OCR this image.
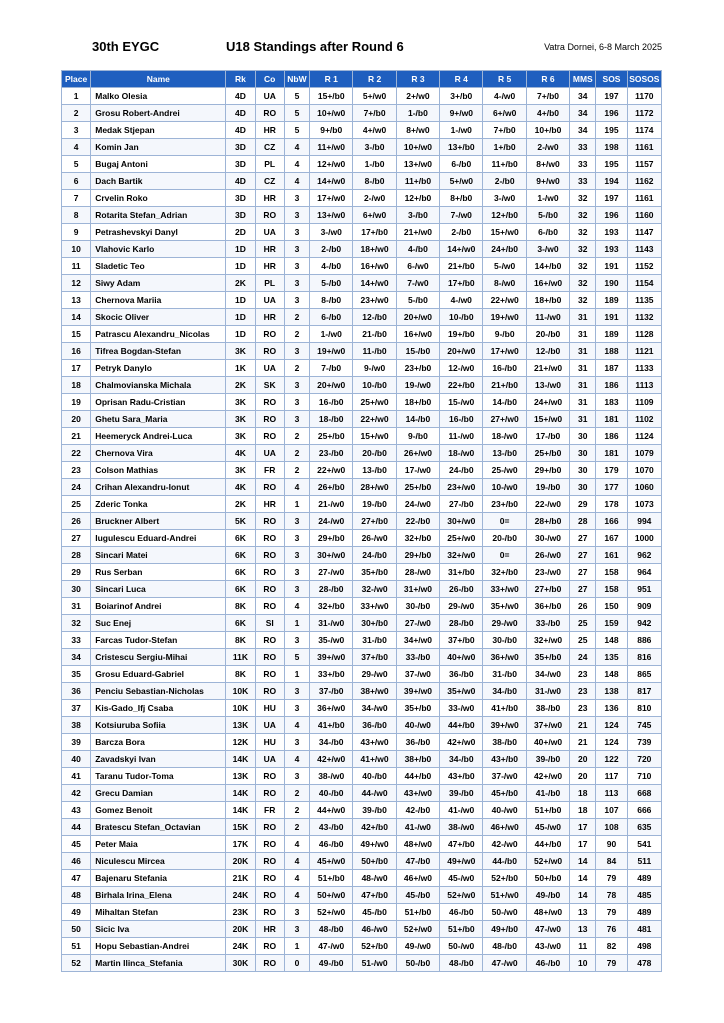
30th EYGC	U18 Standings after Round 6	Vatra Dornei, 6-8 March 2025
Place	Name	Rk	Co	NbW	R 1	R 2	R 3	R 4	R 5	R 6	MMS	SOS	SOSOS
1	Malko Olesia	4D	UA	5	15+/b0	5+/w0	2+/w0	3+/b0	4-/w0	7+/b0	34	197	1170
2	Grosu Robert-Andrei	4D	RO	5	10+/w0	7+/b0	1-/b0	9+/w0	6+/w0	4+/b0	34	196	1172
3	Medak Stjepan	4D	HR	5	9+/b0	4+/w0	8+/w0	1-/w0	7+/b0	10+/b0	34	195	1174
4	Komin Jan	3D	CZ	4	11+/w0	3-/b0	10+/w0	13+/b0	1+/b0	2-/w0	33	198	1161
5	Bugaj Antoni	3D	PL	4	12+/w0	1-/b0	13+/w0	6-/b0	11+/b0	8+/w0	33	195	1157
6	Dach Bartik	4D	CZ	4	14+/w0	8-/b0	11+/b0	5+/w0	2-/b0	9+/w0	33	194	1162
7	Crvelin Roko	3D	HR	3	17+/w0	2-/w0	12+/b0	8+/b0	3-/w0	1-/w0	32	197	1161
8	Rotarita Stefan_Adrian	3D	RO	3	13+/w0	6+/w0	3-/b0	7-/w0	12+/b0	5-/b0	32	196	1160
9	Petrashevskyi Danyl	2D	UA	3	3-/w0	17+/b0	21+/w0	2-/b0	15+/w0	6-/b0	32	193	1147
10	Vlahovic Karlo	1D	HR	3	2-/b0	18+/w0	4-/b0	14+/w0	24+/b0	3-/w0	32	193	1143
11	Sladetic Teo	1D	HR	3	4-/b0	16+/w0	6-/w0	21+/b0	5-/w0	14+/b0	32	191	1152
12	Siwy Adam	2K	PL	3	5-/b0	14+/w0	7-/w0	17+/b0	8-/w0	16+/w0	32	190	1154
13	Chernova Mariia	1D	UA	3	8-/b0	23+/w0	5-/b0	4-/w0	22+/w0	18+/b0	32	189	1135
14	Skocic Oliver	1D	HR	2	6-/b0	12-/b0	20+/w0	10-/b0	19+/w0	11-/w0	31	191	1132
15	Patrascu Alexandru_Nicolas	1D	RO	2	1-/w0	21-/b0	16+/w0	19+/b0	9-/b0	20-/b0	31	189	1128
16	Tifrea Bogdan-Stefan	3K	RO	3	19+/w0	11-/b0	15-/b0	20+/w0	17+/w0	12-/b0	31	188	1121
17	Petryk Danylo	1K	UA	2	7-/b0	9-/w0	23+/b0	12-/w0	16-/b0	21+/w0	31	187	1133
18	Chalmovianska Michala	2K	SK	3	20+/w0	10-/b0	19-/w0	22+/b0	21+/b0	13-/w0	31	186	1113
19	Oprisan Radu-Cristian	3K	RO	3	16-/b0	25+/w0	18+/b0	15-/w0	14-/b0	24+/w0	31	183	1109
20	Ghetu Sara_Maria	3K	RO	3	18-/b0	22+/w0	14-/b0	16-/b0	27+/w0	15+/w0	31	181	1102
21	Heemeryck Andrei-Luca	3K	RO	2	25+/b0	15+/w0	9-/b0	11-/w0	18-/w0	17-/b0	30	186	1124
22	Chernova Vira	4K	UA	2	23-/b0	20-/b0	26+/w0	18-/w0	13-/b0	25+/b0	30	181	1079
23	Colson Mathias	3K	FR	2	22+/w0	13-/b0	17-/w0	24-/b0	25-/w0	29+/b0	30	179	1070
24	Crihan Alexandru-Ionut	4K	RO	4	26+/b0	28+/w0	25+/b0	23+/w0	10-/w0	19-/b0	30	177	1060
25	Zderic Tonka	2K	HR	1	21-/w0	19-/b0	24-/w0	27-/b0	23+/b0	22-/w0	29	178	1073
26	Bruckner Albert	5K	RO	3	24-/w0	27+/b0	22-/b0	30+/w0	0=	28+/b0	28	166	994
27	Iugulescu Eduard-Andrei	6K	RO	3	29+/b0	26-/w0	32+/b0	25+/w0	20-/b0	30-/w0	27	167	1000
28	Sincari Matei	6K	RO	3	30+/w0	24-/b0	29+/b0	32+/w0	0=	26-/w0	27	161	962
29	Rus Serban	6K	RO	3	27-/w0	35+/b0	28-/w0	31+/b0	32+/b0	23-/w0	27	158	964
30	Sincari Luca	6K	RO	3	28-/b0	32-/w0	31+/w0	26-/b0	33+/w0	27+/b0	27	158	951
31	Boiarinof Andrei	8K	RO	4	32+/b0	33+/w0	30-/b0	29-/w0	35+/w0	36+/b0	26	150	909
32	Suc Enej	6K	SI	1	31-/w0	30+/b0	27-/w0	28-/b0	29-/w0	33-/b0	25	159	942
33	Farcas Tudor-Stefan	8K	RO	3	35-/w0	31-/b0	34+/w0	37+/b0	30-/b0	32+/w0	25	148	886
34	Cristescu Sergiu-Mihai	11K	RO	5	39+/w0	37+/b0	33-/b0	40+/w0	36+/w0	35+/b0	24	135	816
35	Grosu Eduard-Gabriel	8K	RO	1	33+/b0	29-/w0	37-/w0	36-/b0	31-/b0	34-/w0	23	148	865
36	Penciu Sebastian-Nicholas	10K	RO	3	37-/b0	38+/w0	39+/w0	35+/w0	34-/b0	31-/w0	23	138	817
37	Kis-Gado_Ifj Csaba	10K	HU	3	36+/w0	34-/w0	35+/b0	33-/w0	41+/b0	38-/b0	23	136	810
38	Kotsiuruba Sofiia	13K	UA	4	41+/b0	36-/b0	40-/w0	44+/b0	39+/w0	37+/w0	21	124	745
39	Barcza Bora	12K	HU	3	34-/b0	43+/w0	36-/b0	42+/w0	38-/b0	40+/w0	21	124	739
40	Zavadskyi Ivan	14K	UA	4	42+/w0	41+/w0	38+/b0	34-/b0	43+/b0	39-/b0	20	122	720
41	Taranu Tudor-Toma	13K	RO	3	38-/w0	40-/b0	44+/b0	43+/b0	37-/w0	42+/w0	20	117	710
42	Grecu Damian	14K	RO	2	40-/b0	44-/w0	43+/w0	39-/b0	45+/b0	41-/b0	18	113	668
43	Gomez Benoit	14K	FR	2	44+/w0	39-/b0	42-/b0	41-/w0	40-/w0	51+/b0	18	107	666
44	Bratescu Stefan_Octavian	15K	RO	2	43-/b0	42+/b0	41-/w0	38-/w0	46+/w0	45-/w0	17	108	635
45	Peter Maia	17K	RO	4	46-/b0	49+/w0	48+/w0	47+/b0	42-/w0	44+/b0	17	90	541
46	Niculescu Mircea	20K	RO	4	45+/w0	50+/b0	47-/b0	49+/w0	44-/b0	52+/w0	14	84	511
47	Bajenaru Stefania	21K	RO	4	51+/b0	48-/w0	46+/w0	45-/w0	52+/b0	50+/b0	14	79	489
48	Birhala Irina_Elena	24K	RO	4	50+/w0	47+/b0	45-/b0	52+/w0	51+/w0	49-/b0	14	78	485
49	Mihaltan Stefan	23K	RO	3	52+/w0	45-/b0	51+/b0	46-/b0	50-/w0	48+/w0	13	79	489
50	Sicic Iva	20K	HR	3	48-/b0	46-/w0	52+/w0	51+/b0	49+/b0	47-/w0	13	76	481
51	Hopu Sebastian-Andrei	24K	RO	1	47-/w0	52+/b0	49-/w0	50-/w0	48-/b0	43-/w0	11	82	498
52	Martin Ilinca_Stefania	30K	RO	0	49-/b0	51-/w0	50-/b0	48-/b0	47-/w0	46-/b0	10	79	478
